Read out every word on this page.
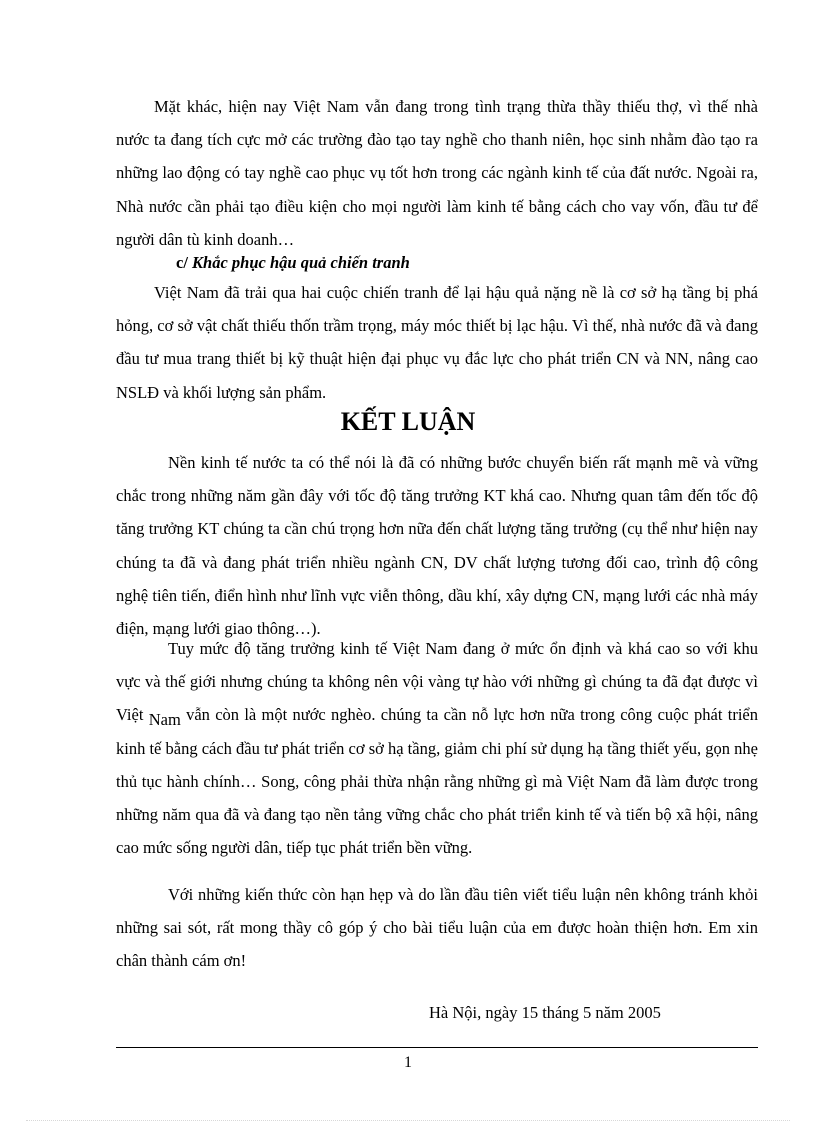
Mặt khác, hiện nay Việt Nam vẫn đang trong tình trạng thừa thầy thiếu thợ, vì thế nhà nước ta đang tích cực mở các trường đào tạo tay nghề cho thanh niên, học sinh nhằm đào tạo ra những lao động có tay nghề cao phục vụ tốt hơn trong các ngành kinh tế của đất nước. Ngoài ra, Nhà nước cần phải tạo điều kiện cho mọi người làm kinh tế bằng cách cho vay vốn, đầu tư để người dân tù kinh doanh…

c/ Khắc phục hậu quả chiến tranh

Việt Nam đã trải qua hai cuộc chiến tranh để lại hậu quả nặng nề là cơ sở hạ tầng bị phá hỏng, cơ sở vật chất thiếu thốn trầm trọng, máy móc thiết bị lạc hậu. Vì thế, nhà nước đã và đang đầu tư mua trang thiết bị kỹ thuật hiện đại phục vụ đắc lực cho phát triển CN và NN, nâng cao NSLĐ và khối lượng sản phẩm.

KẾT LUẬN

Nền kinh tế nước ta có thể nói là đã có những bước chuyển biến rất mạnh mẽ và vững chắc trong những năm gần đây với tốc độ tăng trưởng KT khá cao. Nhưng quan tâm đến tốc độ tăng trưởng KT chúng ta cần chú trọng hơn nữa đến chất lượng tăng trưởng (cụ thể như hiện nay chúng ta đã và đang phát triển nhiều ngành CN, DV chất lượng tương đối cao, trình độ công nghệ tiên tiến, điển hình như lĩnh vực viễn thông, dầu khí, xây dựng CN, mạng lưới các nhà máy điện, mạng lưới giao thông…).

Tuy mức độ tăng trưởng kinh tế Việt Nam đang ở mức ổn định và khá cao so với khu vực và thế giới nhưng chúng ta không nên vội vàng tự hào với những gì chúng ta đã đạt được vì Việt Nam vẫn còn là một nước nghèo. chúng ta cần nỗ lực hơn nữa trong công cuộc phát triển kinh tế bằng cách đầu tư phát triển cơ sở hạ tầng, giảm chi phí sử dụng hạ tầng thiết yếu, gọn nhẹ thủ tục hành chính… Song, công phải thừa nhận rằng những gì mà Việt Nam đã làm được trong những năm qua đã và đang tạo nền tảng vững chắc cho phát triển kinh tế và tiến bộ xã hội, nâng cao mức sống người dân, tiếp tục phát triển bền vững.

Với những kiến thức còn hạn hẹp và do lần đầu tiên viết tiểu luận nên không tránh khỏi những sai sót, rất mong thầy cô góp ý cho bài tiểu luận của em được hoàn thiện hơn. Em xin chân thành cám ơn!

Hà Nội, ngày 15 tháng 5 năm 2005

1
